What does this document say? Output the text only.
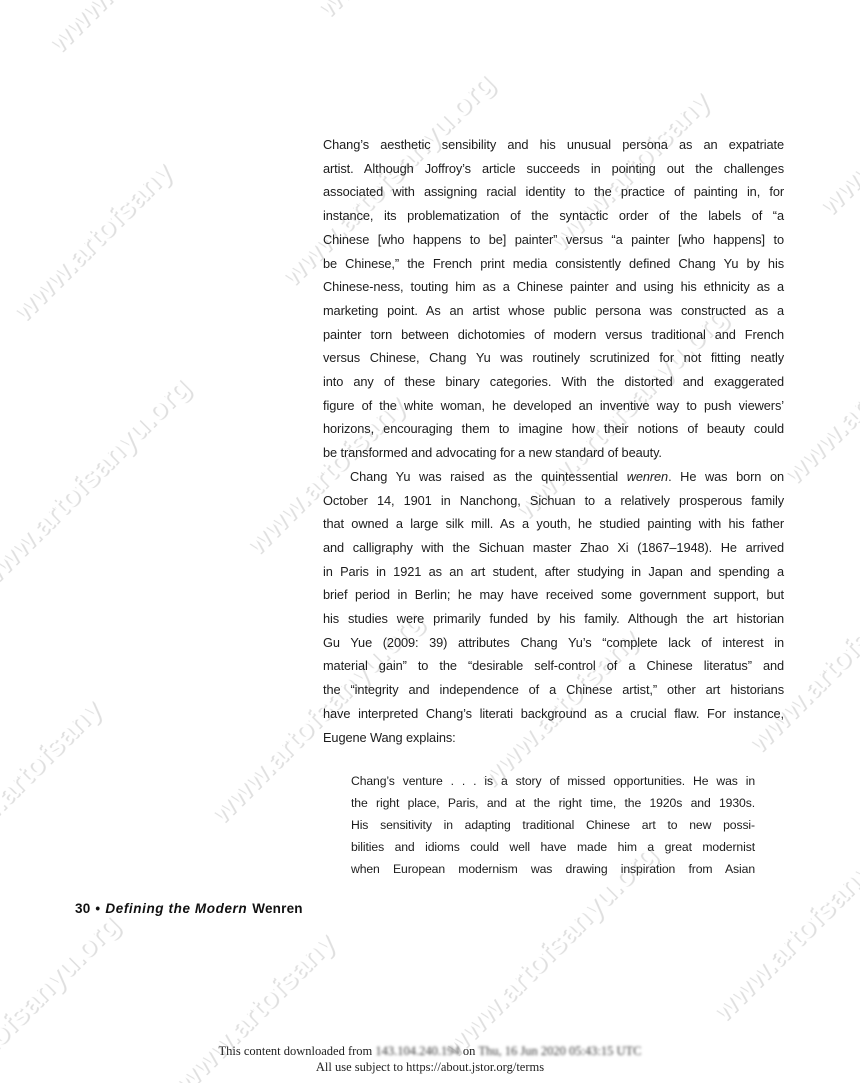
Chang’s aesthetic sensibility and his unusual persona as an expatriate
artist. Although Joffroy’s article succeeds in pointing out the challenges
associated with assigning racial identity to the practice of painting in, for
instance, its problematization of the syntactic order of the labels of “a
Chinese [who happens to be] painter” versus “a painter [who happens] to
be Chinese,” the French print media consistently defined Chang Yu by his
Chinese-ness, touting him as a Chinese painter and using his ethnicity as a
marketing point. As an artist whose public persona was constructed as a
painter torn between dichotomies of modern versus traditional and French
versus Chinese, Chang Yu was routinely scrutinized for not fitting neatly
into any of these binary categories. With the distorted and exaggerated
figure of the white woman, he developed an inventive way to push viewers’
horizons, encouraging them to imagine how their notions of beauty could
be transformed and advocating for a new standard of beauty.
Chang Yu was raised as the quintessential wenren. He was born on
October 14, 1901 in Nanchong, Sichuan to a relatively prosperous family
that owned a large silk mill. As a youth, he studied painting with his father
and calligraphy with the Sichuan master Zhao Xi (1867–1948). He arrived
in Paris in 1921 as an art student, after studying in Japan and spending a
brief period in Berlin; he may have received some government support, but
his studies were primarily funded by his family. Although the art historian
Gu Yue (2009: 39) attributes Chang Yu’s “complete lack of interest in
material gain” to the “desirable self-control of a Chinese literatus” and
the “integrity and independence of a Chinese artist,” other art historians
have interpreted Chang’s literati background as a crucial flaw. For instance,
Eugene Wang explains:
Chang’s venture . . . is a story of missed opportunities. He was in
the right place, Paris, and at the right time, the 1920s and 1930s.
His sensitivity in adapting traditional Chinese art to new possi-
bilities and idioms could well have made him a great modernist
when European modernism was drawing inspiration from Asian
30 • Defining the Modern Wenren
This content downloaded from 143.104.240.194 on Thu, 16 Jun 2020 05:43:15 UTC
All use subject to https://about.jstor.org/terms
